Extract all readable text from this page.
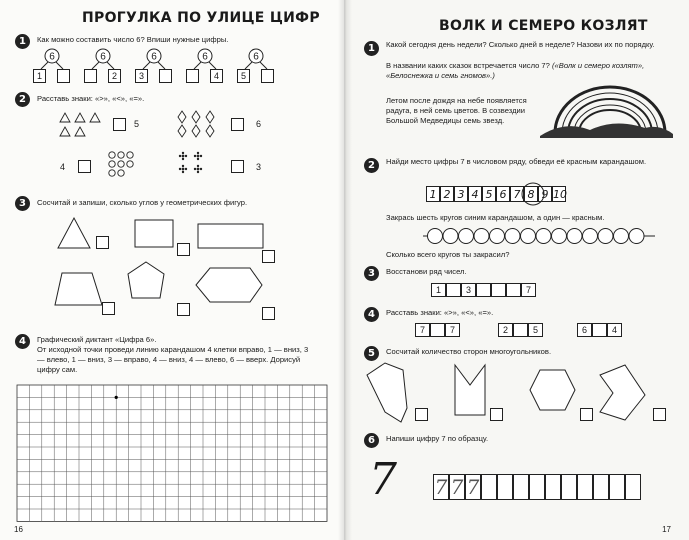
ПРОГУЛКА ПО УЛИЦЕ ЦИФР
1	Как можно составить число 6? Впиши нужные цифры.
2	Расставь знаки: «>», «<», «=».
5	6
4	3
3	Сосчитай и запиши, сколько углов у геометрических фигур.
4	Графический диктант «Цифра 6».
От исходной точки проведи линию карандашом 4 клетки вправо, 1 — вниз, 3 — влево, 1 — вниз, 3 — вправо, 4 — вниз, 4 — влево, 6 — вверх. Дорисуй цифру сам.
16
6
1
6
2
6
3
6
4
6
5
ВОЛК И СЕМЕРО КОЗЛЯТ
1	Какой сегодня день недели? Сколько дней в неделе? Назови их по порядку.
В названии каких сказок встречается число 7? («Волк и семеро козлят», «Белоснежка и семь гномов».)
Летом после дождя на небе появляется радуга, в ней семь цветов. В созвездии Большой Медведицы семь звезд.
2	Найди место цифры 7 в числовом ряду, обведи её красным карандашом.
Закрась шесть кругов синим карандашом, а один — красным.
Сколько всего кругов ты закрасил?
3	Восстанови ряд чисел.
4	Расставь знаки: «>», «<», «=».
5	Сосчитай количество сторон многоугольников.
6	Напиши цифру 7 по образцу.
7
17
1 2 3 4 5 6 7 8 9 10
1	3	7
7	7	2	5	6	4
7 7 7
